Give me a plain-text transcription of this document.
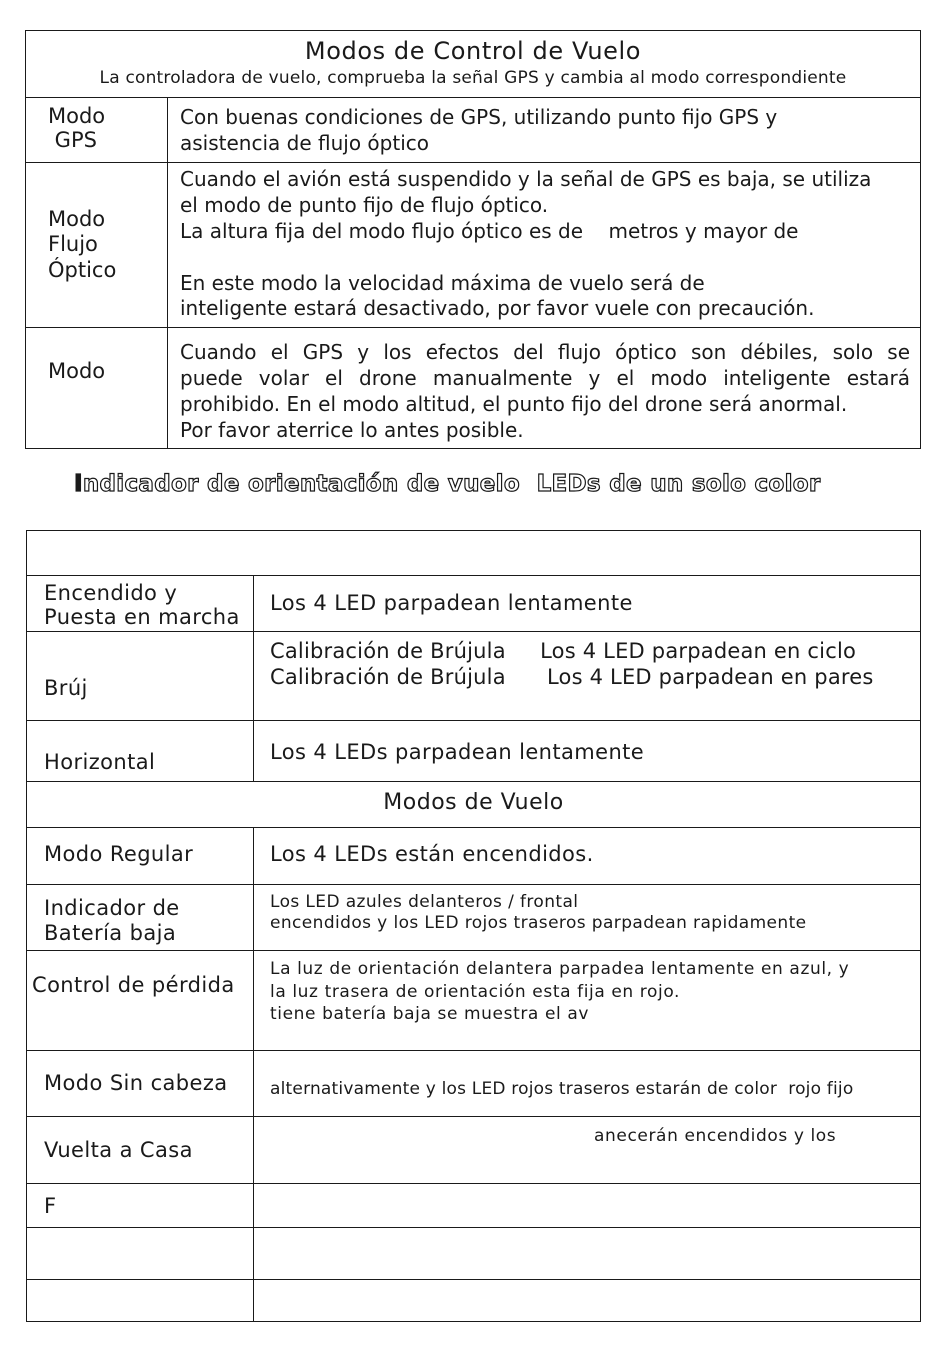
Modos de Control de Vuelo
La controladora de vuelo, comprueba la señal GPS y cambia al modo correspondiente
Modo
GPS
Con buenas condiciones de GPS, utilizando punto fijo GPS y
asistencia de flujo óptico
Modo
Flujo
Óptico
Cuando el avión está suspendido y la señal de GPS es baja, se utiliza
el modo de punto fijo de flujo óptico.
La altura fija del modo flujo óptico es de    metros y mayor de
En este modo la velocidad máxima de vuelo será de
inteligente estará desactivado, por favor vuele con precaución.
Modo
Cuando el GPS y los efectos del flujo óptico son débiles, solo se
puede volar el drone manualmente y el modo inteligente estará
prohibido. En el modo altitud, el punto fijo del drone será anormal.
Por favor aterrice lo antes posible.
Indicador de orientación de vuelo  LEDs de un solo color
Encendido y
Puesta en marcha
Los 4 LED parpadean lentamente
Brúj
Calibración de Brújula     Los 4 LED parpadean en ciclo
Calibración de Brújula      Los 4 LED parpadean en pares
Horizontal	Los 4 LEDs parpadean lentamente
Modos de Vuelo
Modo Regular	Los 4 LEDs están encendidos.
Indicador de
Batería baja
Los LED azules delanteros / frontal
encendidos y los LED rojos traseros parpadean rapidamente
Control de pérdida
La luz de orientación delantera parpadea lentamente en azul, y
la luz trasera de orientación esta fija en rojo.
tiene batería baja se muestra el av
Modo Sin cabeza alternativamente y los LED rojos traseros estarán de color  rojo fijo
Vuelta a Casa
anecerán encendidos y los
F
